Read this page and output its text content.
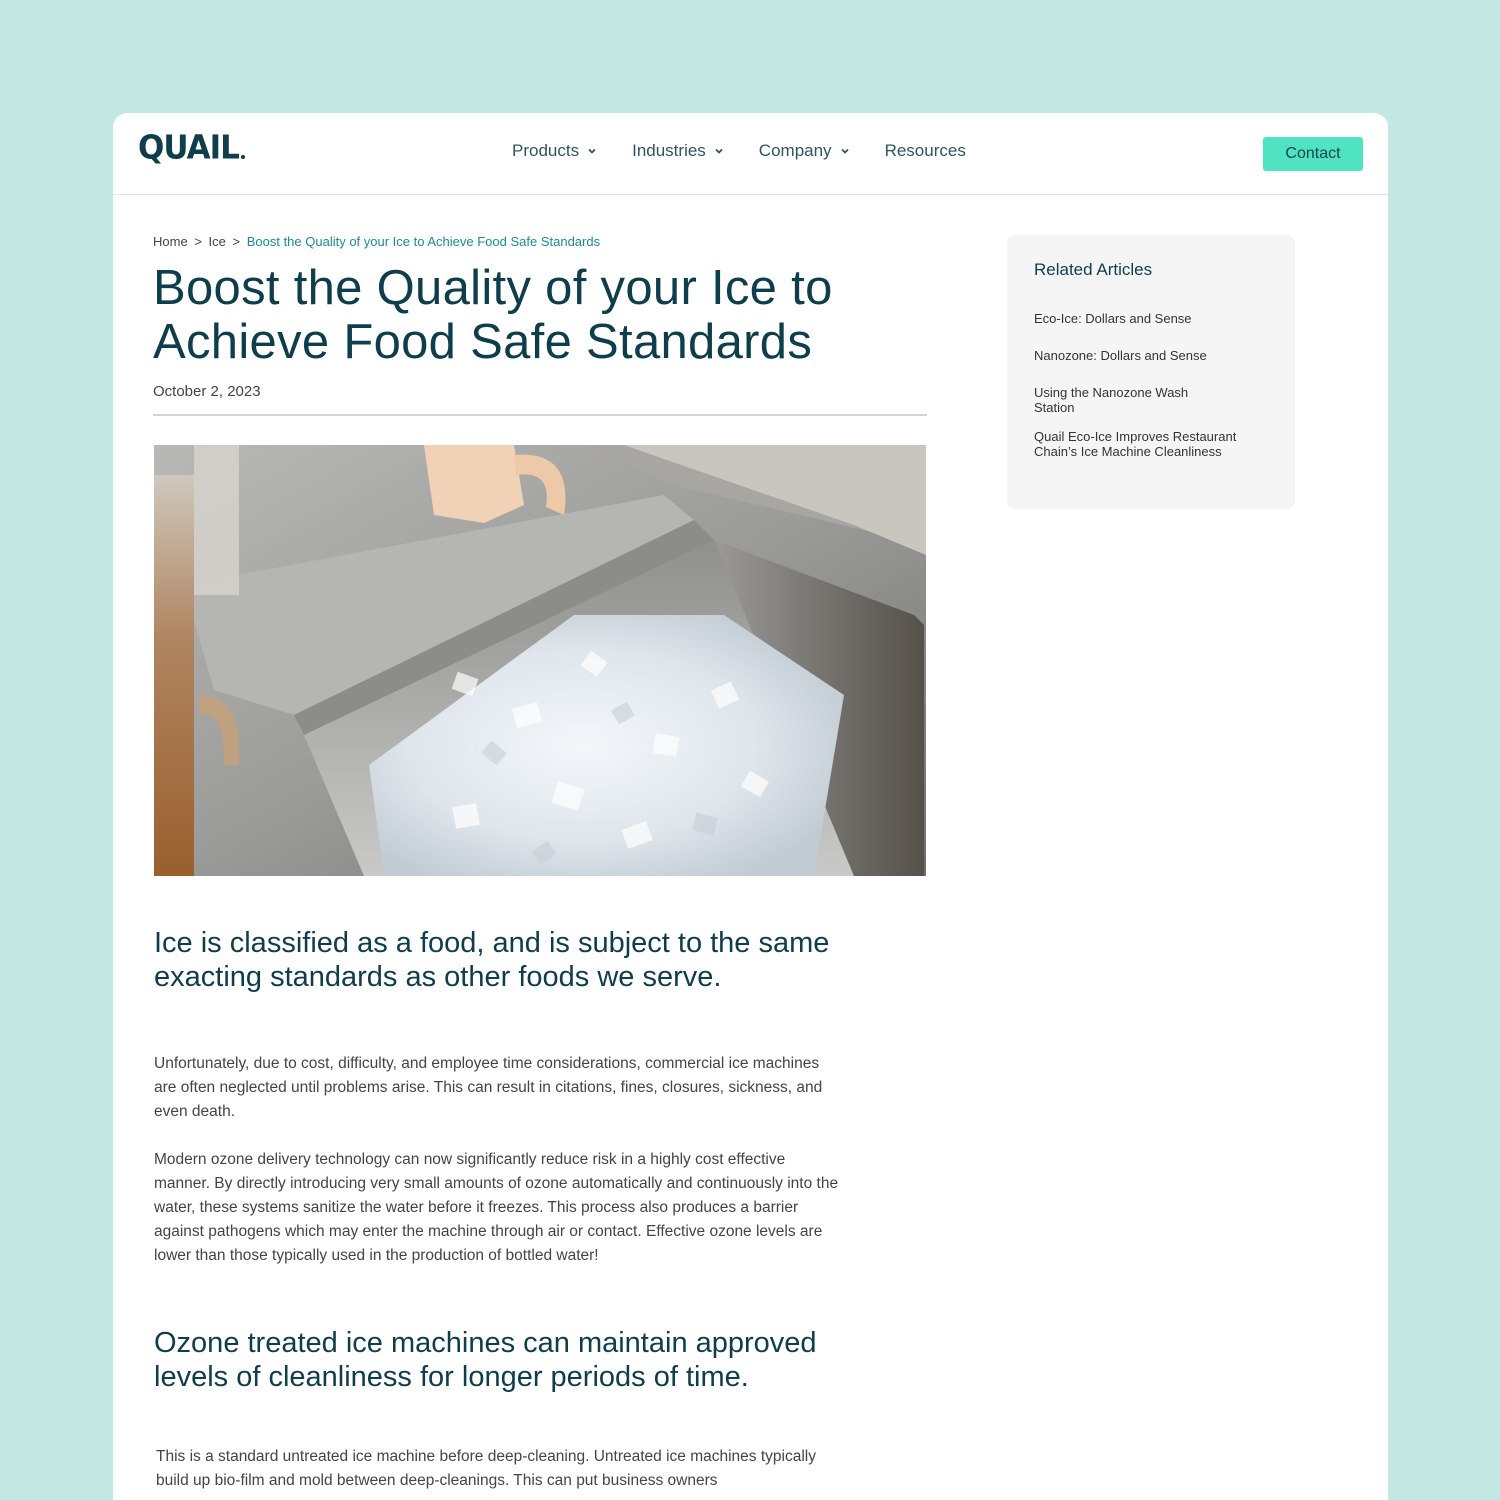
QUAIL	Products	Industries	Company	Resources	Contact
Home > Ice > Boost the Quality of your Ice to Achieve Food Safe Standards
Boost the Quality of your Ice to Achieve Food Safe Standards
October 2, 2023
Ice is classified as a food, and is subject to the same exacting standards as other foods we serve.

Unfortunately, due to cost, difficulty, and employee time considerations, commercial ice machines are often neglected until problems arise. This can result in citations, fines, closures, sickness, and even death.

Modern ozone delivery technology can now significantly reduce risk in a highly cost effective manner. By directly introducing very small amounts of ozone automatically and continuously into the water, these systems sanitize the water before it freezes. This process also produces a barrier against pathogens which may enter the machine through air or contact. Effective ozone levels are lower than those typically used in the production of bottled water!

Ozone treated ice machines can maintain approved levels of cleanliness for longer periods of time.

This is a standard untreated ice machine before deep-cleaning. Untreated ice machines typically build up bio-film and mold between deep-cleanings. This can put business owners

Related Articles
Eco-Ice: Dollars and Sense
Nanozone: Dollars and Sense
Using the Nanozone Wash Station
Quail Eco-Ice Improves Restaurant Chain’s Ice Machine Cleanliness
